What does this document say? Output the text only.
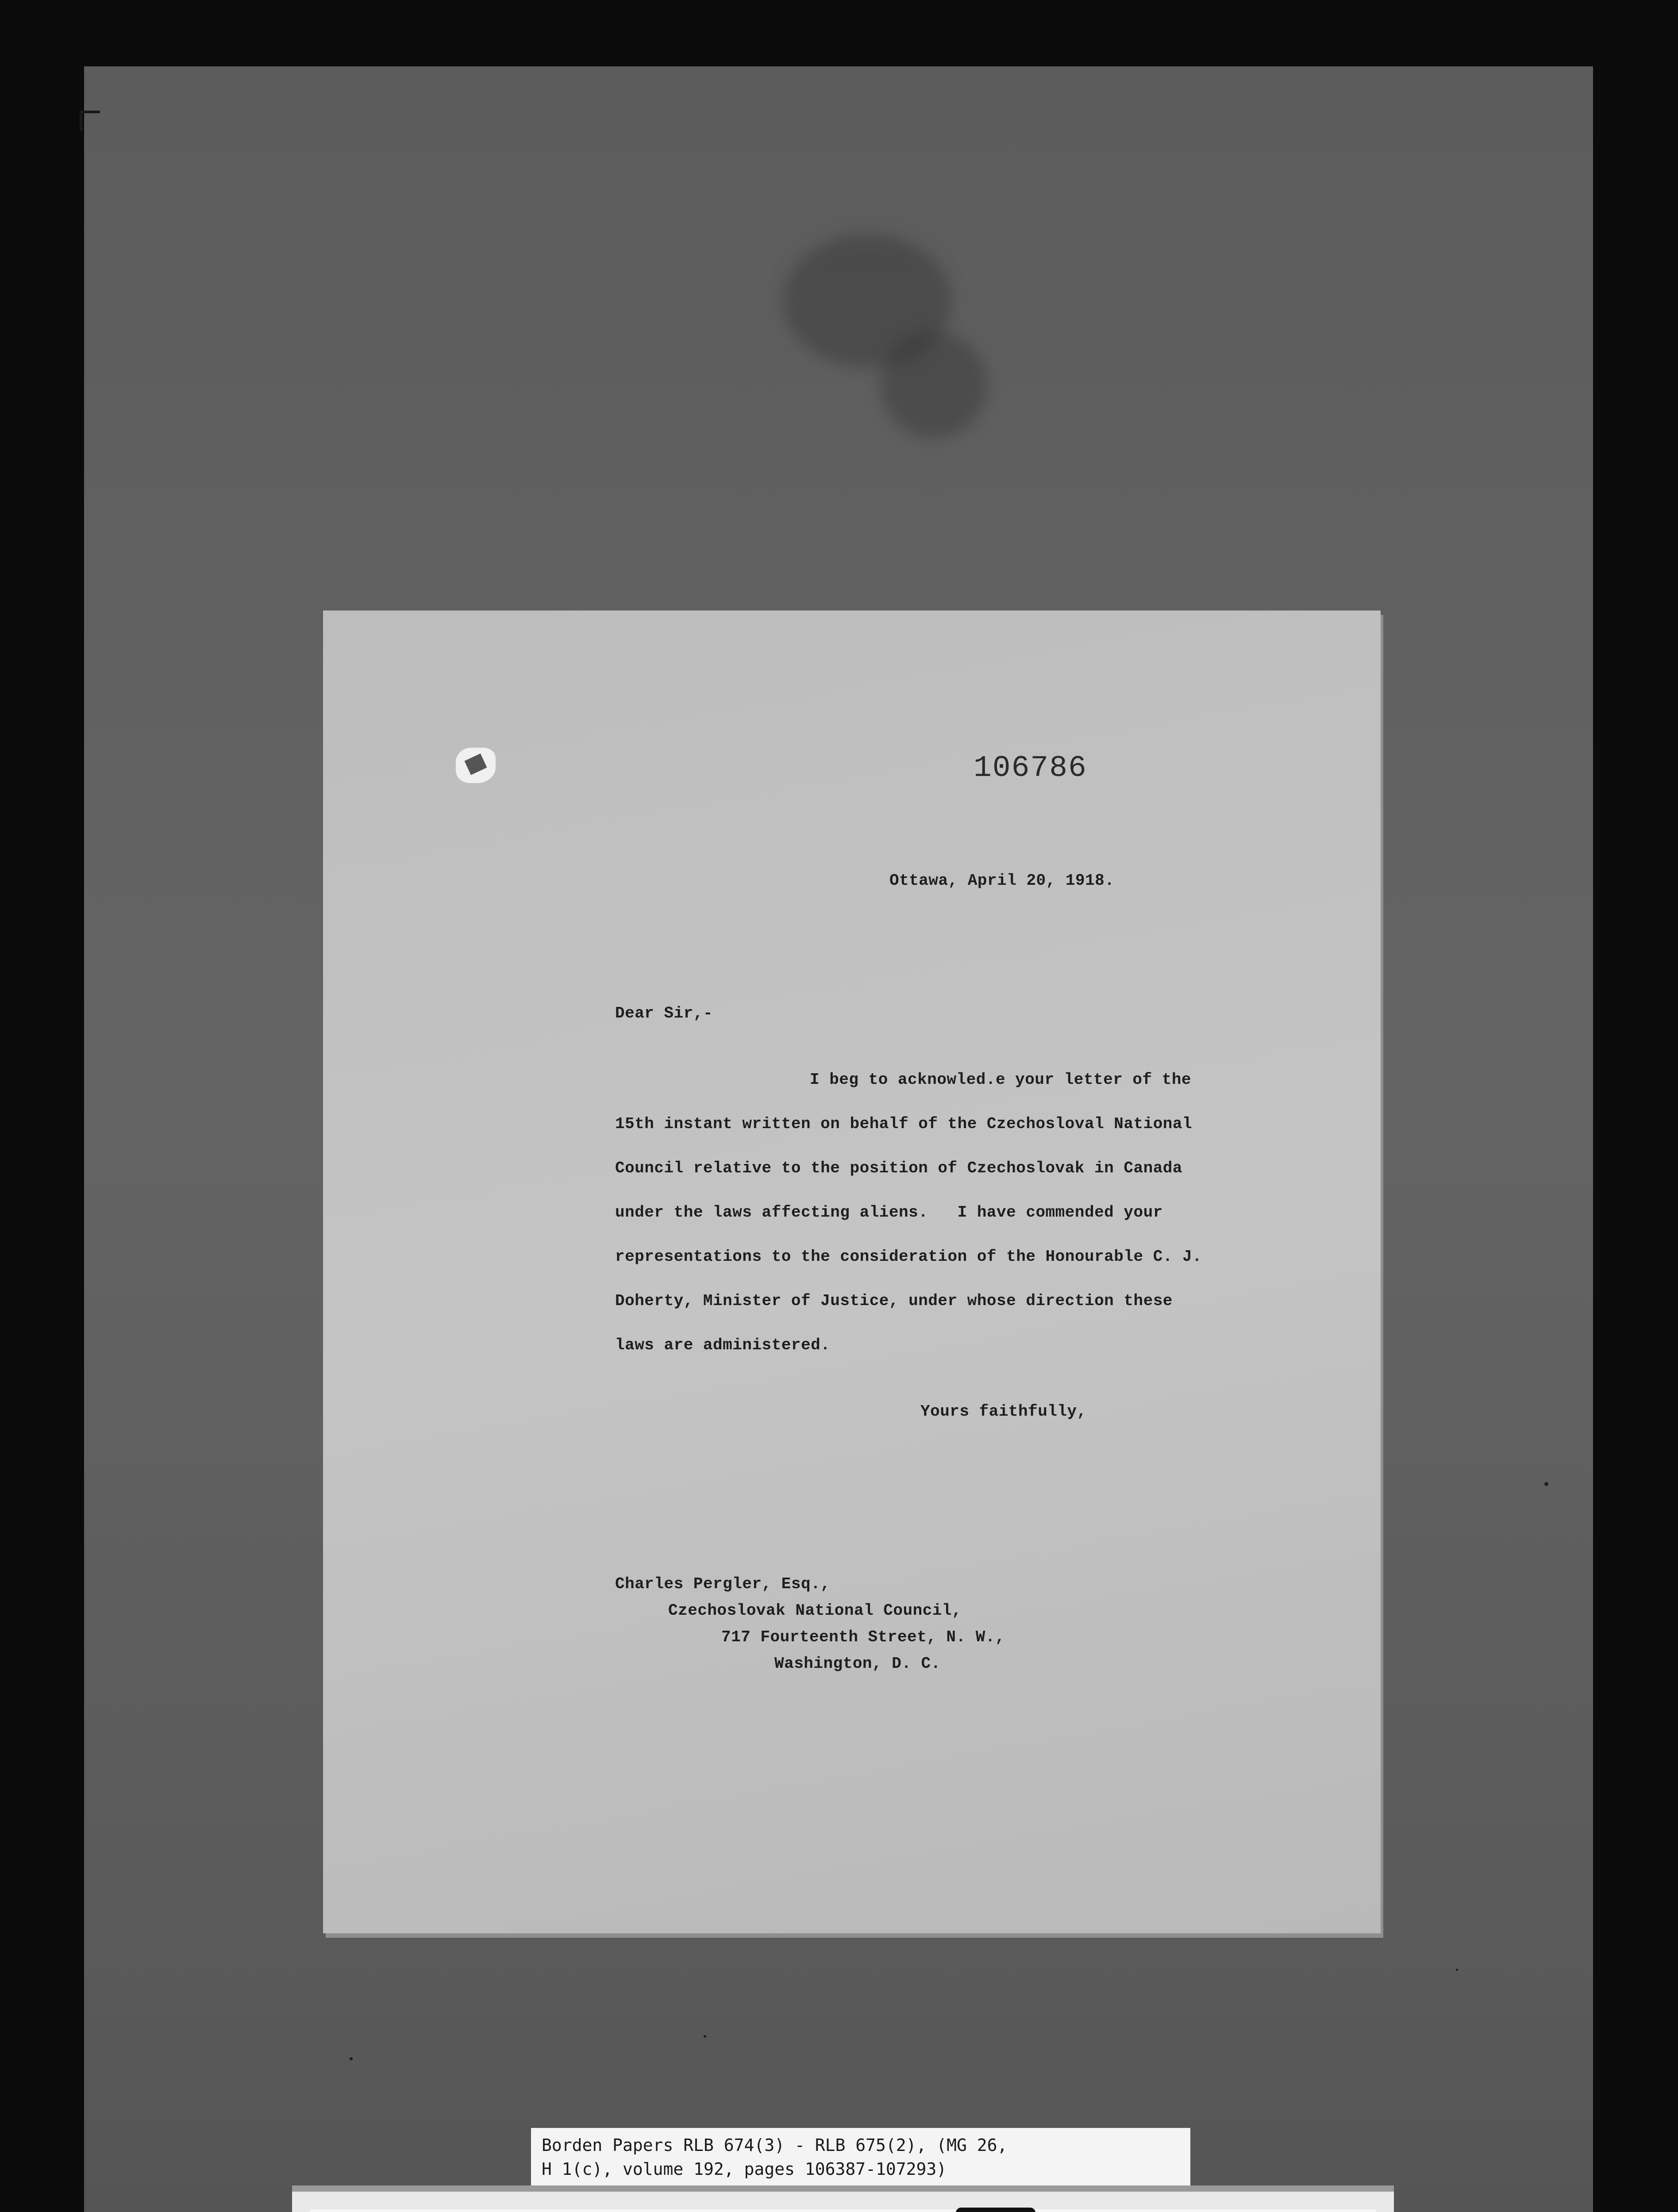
106786
Ottawa, April 20, 1918.
Dear Sir,-
I beg to acknowled.e your letter of the
15th instant written on behalf of the Czechosloval National
Council relative to the position of Czechoslovak in Canada
under the laws affecting aliens.   I have commended your
representations to the consideration of the Honourable C. J.
Doherty, Minister of Justice, under whose direction these
laws are administered.
Yours faithfully,
Charles Pergler, Esq.,
Czechoslovak National Council,
717 Fourteenth Street, N. W.,
Washington, D. C.
Borden Papers RLB 674(3) - RLB 675(2), (MG 26,
H 1(c), volume 192, pages 106387-107293)
